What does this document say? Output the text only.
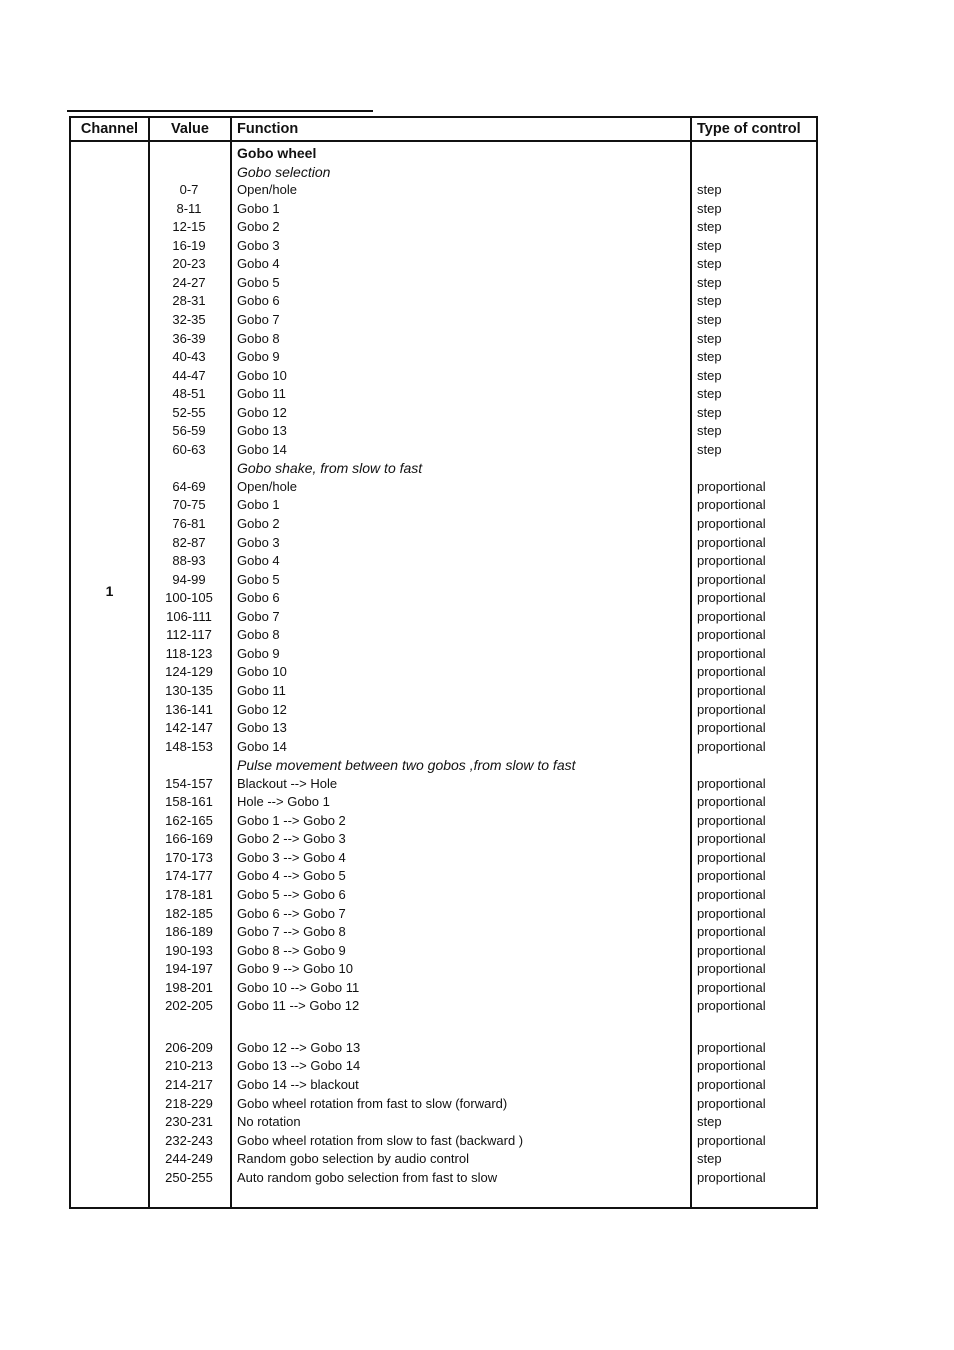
Channel	Value	Function	Type of control
1
Gobo wheel
Gobo selection
0-7	Open/hole	step
8-11	Gobo 1	step
12-15	Gobo 2	step
16-19	Gobo 3	step
20-23	Gobo 4	step
24-27	Gobo 5	step
28-31	Gobo 6	step
32-35	Gobo 7	step
36-39	Gobo 8	step
40-43	Gobo 9	step
44-47	Gobo 10	step
48-51	Gobo 11	step
52-55	Gobo 12	step
56-59	Gobo 13	step
60-63	Gobo 14	step
Gobo shake, from slow to fast
64-69	Open/hole	proportional
70-75	Gobo 1	proportional
76-81	Gobo 2	proportional
82-87	Gobo 3	proportional
88-93	Gobo 4	proportional
94-99	Gobo 5	proportional
100-105	Gobo 6	proportional
106-111	Gobo 7	proportional
112-117	Gobo 8	proportional
118-123	Gobo 9	proportional
124-129	Gobo 10	proportional
130-135	Gobo 11	proportional
136-141	Gobo 12	proportional
142-147	Gobo 13	proportional
148-153	Gobo 14	proportional
Pulse movement between two gobos ,from slow to fast
154-157	Blackout --> Hole	proportional
158-161	Hole --> Gobo 1	proportional
162-165	Gobo 1 --> Gobo 2	proportional
166-169	Gobo 2 --> Gobo 3	proportional
170-173	Gobo 3 --> Gobo 4	proportional
174-177	Gobo 4 --> Gobo 5	proportional
178-181	Gobo 5 --> Gobo 6	proportional
182-185	Gobo 6 --> Gobo 7	proportional
186-189	Gobo 7 --> Gobo 8	proportional
190-193	Gobo 8 --> Gobo 9	proportional
194-197	Gobo 9 --> Gobo 10	proportional
198-201	Gobo 10 --> Gobo 11	proportional
202-205	Gobo 11 --> Gobo 12	proportional
206-209	Gobo 12 --> Gobo 13	proportional
210-213	Gobo 13 --> Gobo 14	proportional
214-217	Gobo 14 --> blackout	proportional
218-229	Gobo wheel rotation from fast to slow (forward)	proportional
230-231	No rotation	step
232-243	Gobo wheel rotation from slow to fast (backward )	proportional
244-249	Random gobo selection by audio control	step
250-255	Auto random gobo selection from fast to slow	proportional
